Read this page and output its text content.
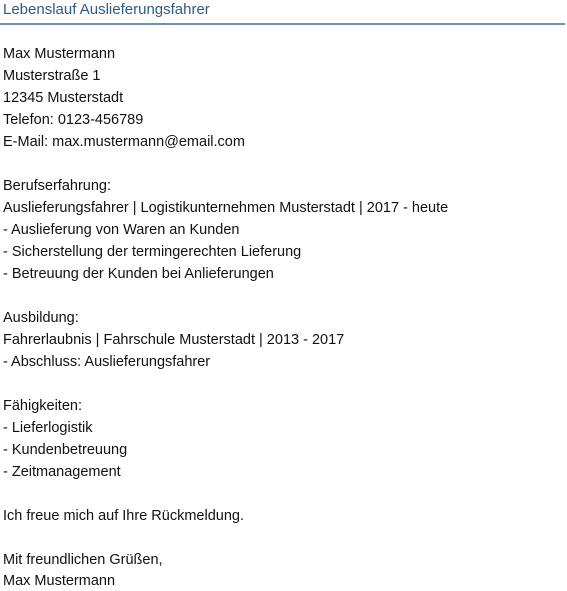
Lebenslauf Auslieferungsfahrer
Max Mustermann
Musterstraße 1
12345 Musterstadt
Telefon: 0123-456789
E-Mail: max.mustermann@email.com
Berufserfahrung:
Auslieferungsfahrer | Logistikunternehmen Musterstadt | 2017 - heute
- Auslieferung von Waren an Kunden
- Sicherstellung der termingerechten Lieferung
- Betreuung der Kunden bei Anlieferungen
Ausbildung:
Fahrerlaubnis | Fahrschule Musterstadt | 2013 - 2017
- Abschluss: Auslieferungsfahrer
Fähigkeiten:
- Lieferlogistik
- Kundenbetreuung
- Zeitmanagement
Ich freue mich auf Ihre Rückmeldung.
Mit freundlichen Grüßen,
Max Mustermann
